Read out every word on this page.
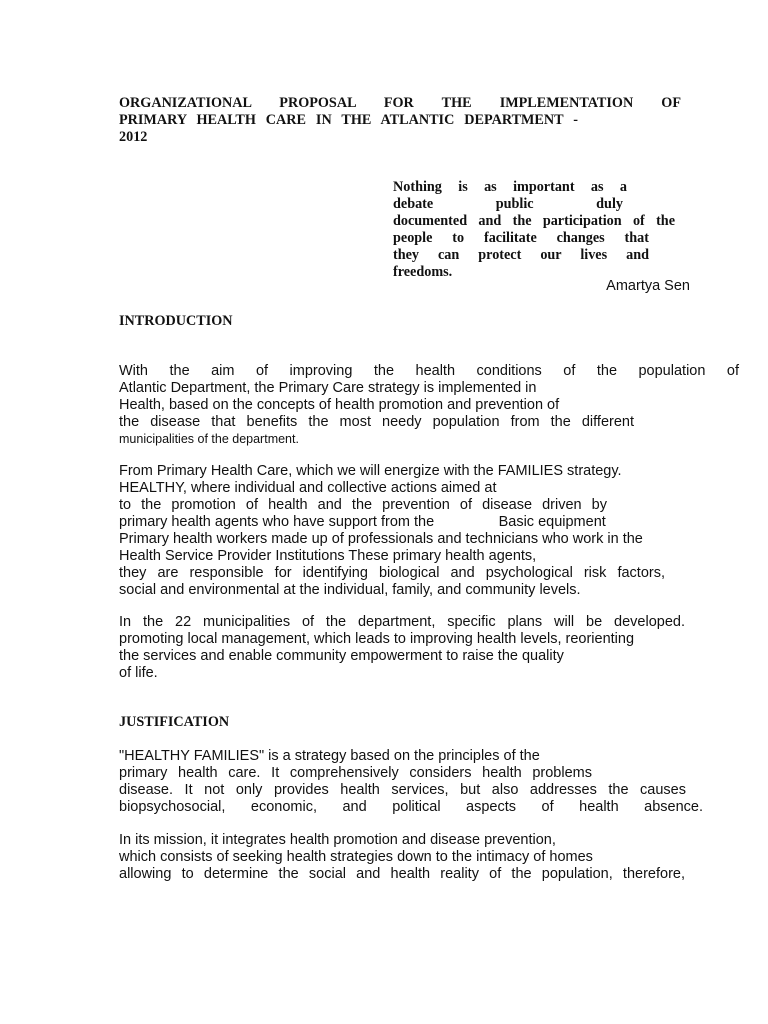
ORGANIZATIONAL PROPOSAL FOR THE IMPLEMENTATION OF
PRIMARY HEALTH CARE IN THE ATLANTIC DEPARTMENT -
2012
Nothing is as important as a
debate public duly
documented and the participation of the
people to facilitate changes that
they can protect our lives and
freedoms.
Amartya Sen
INTRODUCTION
With the aim of improving the health conditions of the population of
Atlantic Department, the Primary Care strategy is implemented in
Health, based on the concepts of health promotion and prevention of
the disease that benefits the most needy population from the different
municipalities of the department.
From Primary Health Care, which we will energize with the FAMILIES strategy.
HEALTHY, where individual and collective actions aimed at
to the promotion of health and the prevention of disease driven by
primary health agents who have support from the                Basic equipment
Primary health workers made up of professionals and technicians who work in the
Health Service Provider Institutions These primary health agents,
they are responsible for identifying biological and psychological risk factors,
social and environmental at the individual, family, and community levels.
In the 22 municipalities of the department, specific plans will be developed.
promoting local management, which leads to improving health levels, reorienting
the services and enable community empowerment to raise the quality
of life.
JUSTIFICATION
"HEALTHY FAMILIES" is a strategy based on the principles of the
primary health care. It comprehensively considers health problems
disease. It not only provides health services, but also addresses the causes
biopsychosocial, economic, and political aspects of health absence.
In its mission, it integrates health promotion and disease prevention,
which consists of seeking health strategies down to the intimacy of homes
allowing to determine the social and health reality of the population, therefore,
